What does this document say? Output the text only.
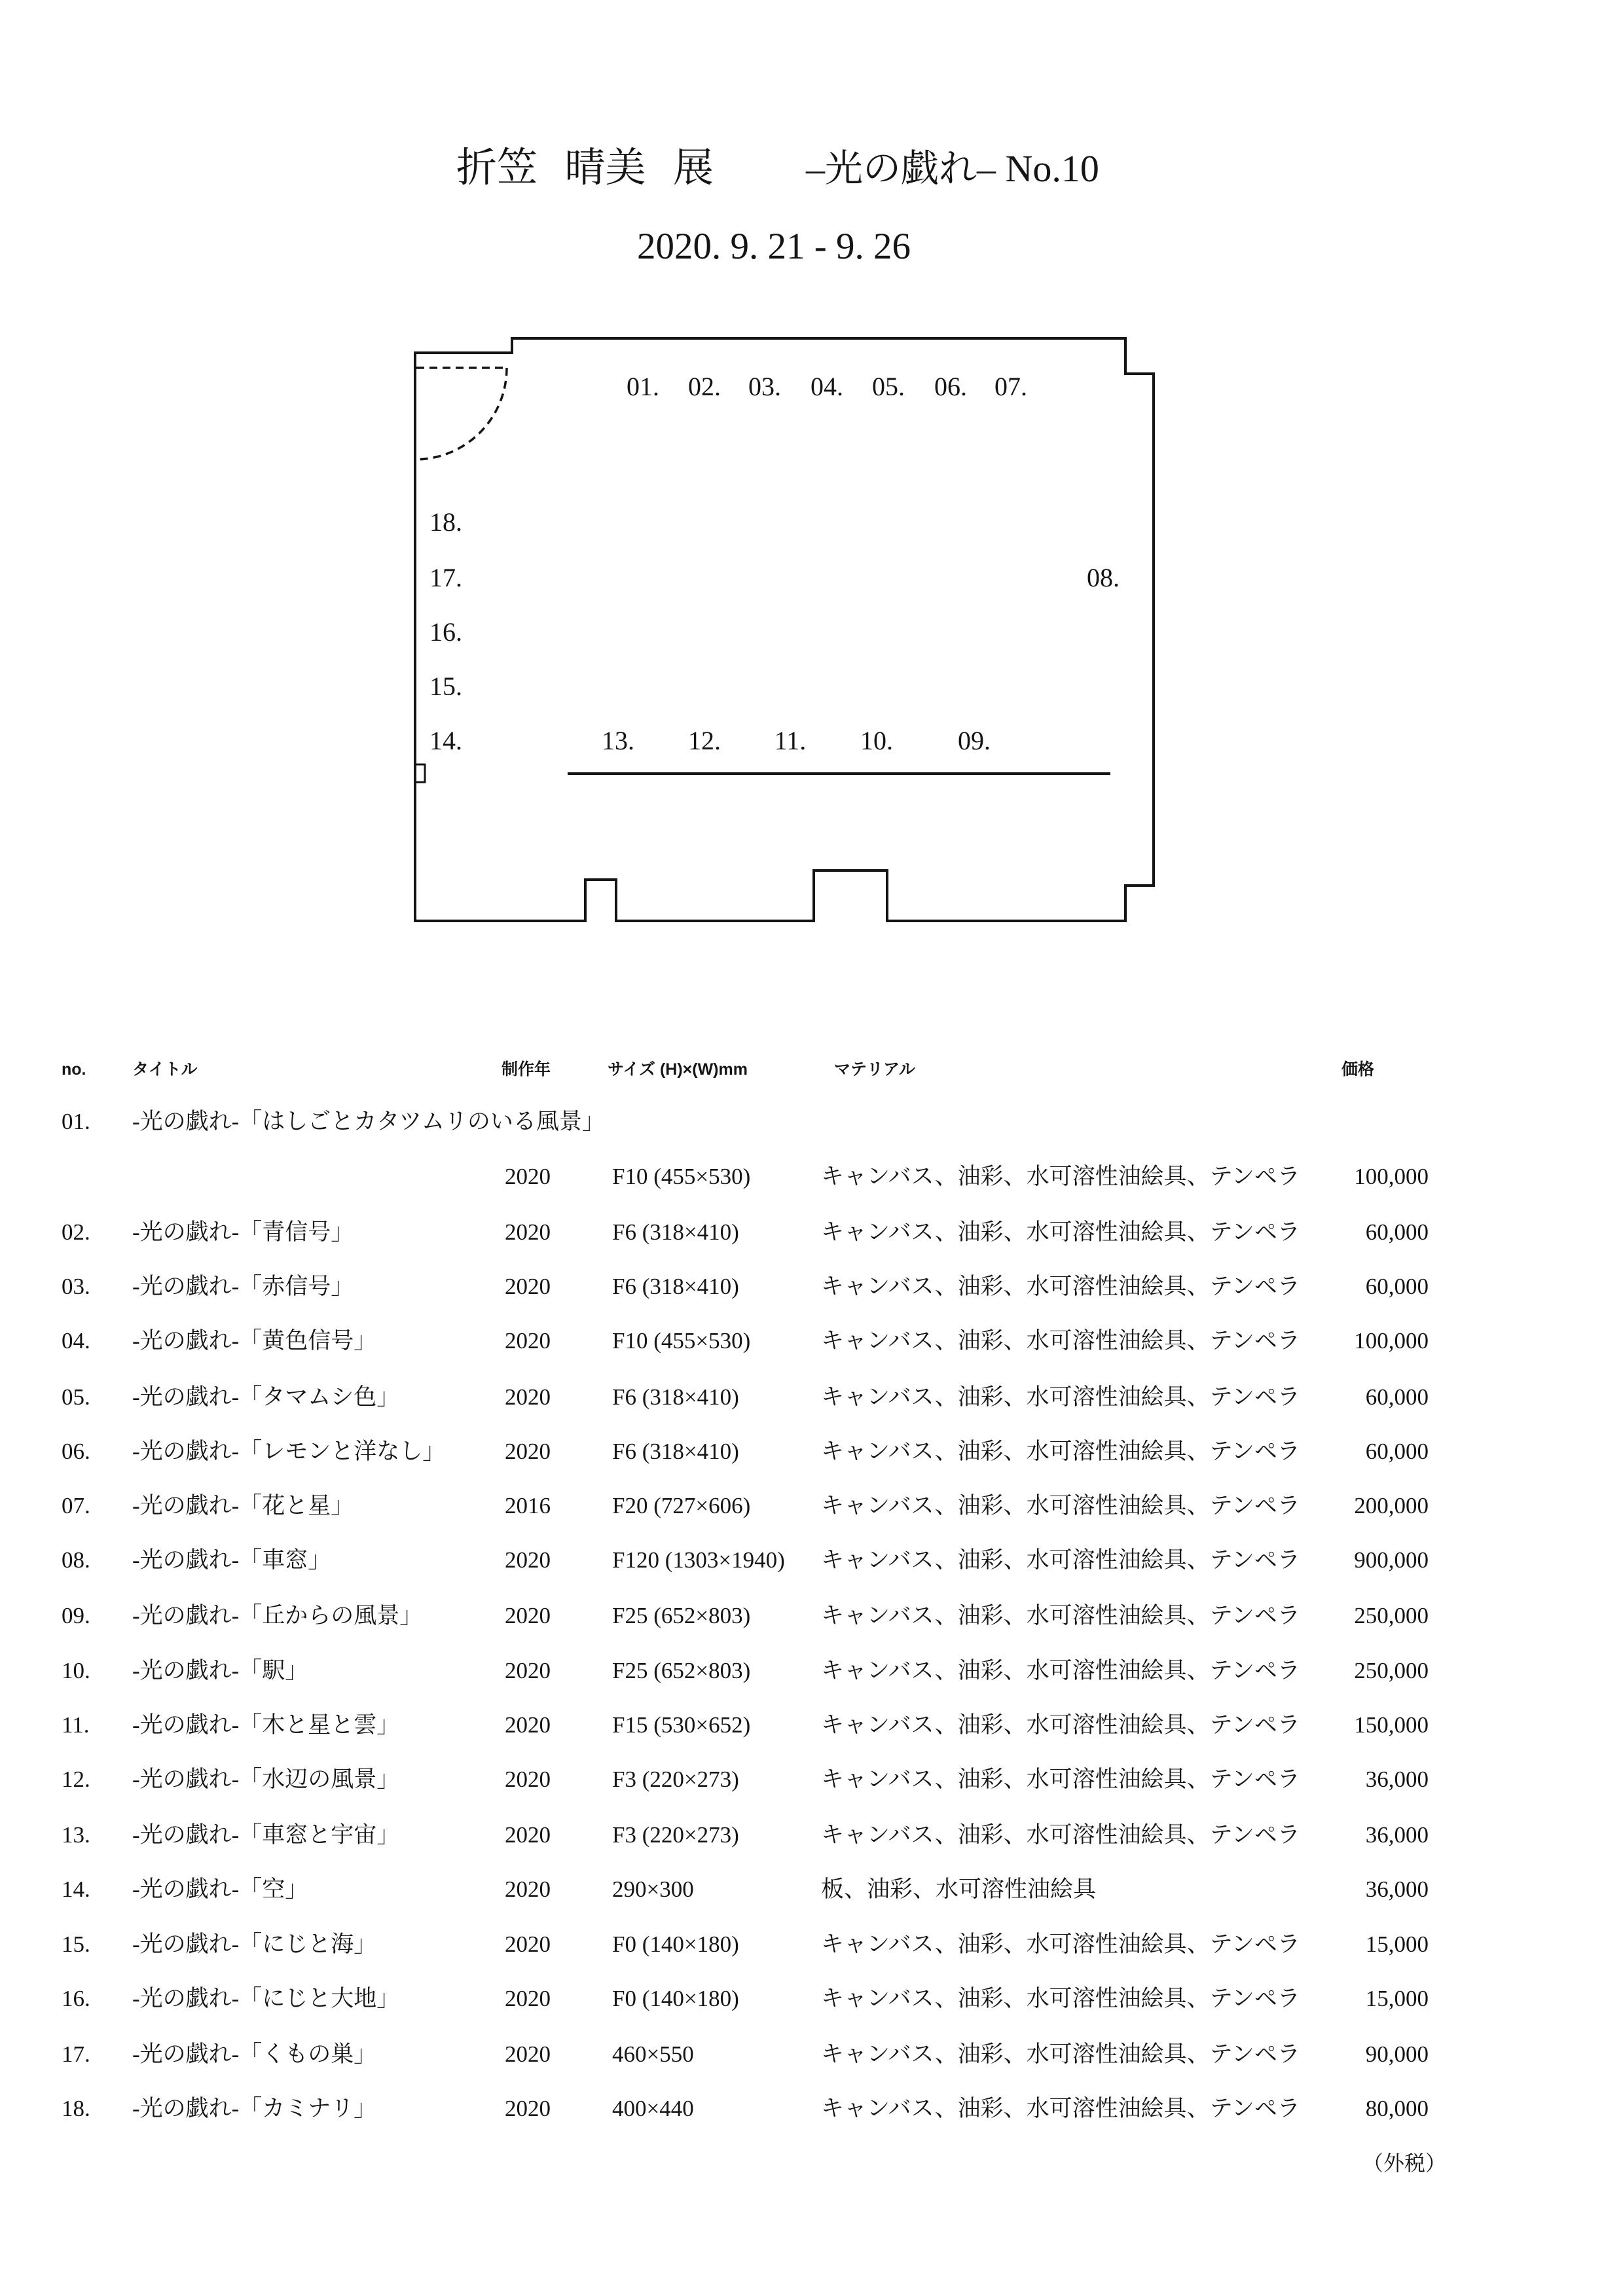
折笠 晴美 展 –光の戯れ– No.10
2020. 9. 21 - 9. 26
01. 02. 03. 04. 05. 06. 07.
08.
09.
10.
11.
12.
13.
14.
15.
16.
17.
18.
no.	タイトル	制作年	サイズ (H)×(W)mm	マテリアル	価格
01. -光の戯れ-「はしごとカタツムリのいる風景」
2020	F10 (455×530)	キャンバス、油彩、水可溶性油絵具、テンペラ 100,000
02. -光の戯れ-「青信号」	2020	F6 (318×410)	キャンバス、油彩、水可溶性油絵具、テンペラ	60,000
03. -光の戯れ-「赤信号」	2020	F6 (318×410)	キャンバス、油彩、水可溶性油絵具、テンペラ	60,000
04. -光の戯れ-「黄色信号」	2020	F10 (455×530)	キャンバス、油彩、水可溶性油絵具、テンペラ 100,000
05. -光の戯れ-「タマムシ色」	2020	F6 (318×410)	キャンバス、油彩、水可溶性油絵具、テンペラ	60,000
06. -光の戯れ-「レモンと洋なし」	2020	F6 (318×410)	キャンバス、油彩、水可溶性油絵具、テンペラ	60,000
07. -光の戯れ-「花と星」	2016	F20 (727×606)	キャンバス、油彩、水可溶性油絵具、テンペラ 200,000
08. -光の戯れ-「車窓」	2020	F120 (1303×1940) キャンバス、油彩、水可溶性油絵具、テンペラ 900,000
09. -光の戯れ-「丘からの風景」	2020	F25 (652×803)	キャンバス、油彩、水可溶性油絵具、テンペラ 250,000
10. -光の戯れ-「駅」	2020	F25 (652×803)	キャンバス、油彩、水可溶性油絵具、テンペラ 250,000
11. -光の戯れ-「木と星と雲」	2020	F15 (530×652)	キャンバス、油彩、水可溶性油絵具、テンペラ 150,000
12. -光の戯れ-「水辺の風景」	2020	F3 (220×273)	キャンバス、油彩、水可溶性油絵具、テンペラ	36,000
13. -光の戯れ-「車窓と宇宙」	2020	F3 (220×273)	キャンバス、油彩、水可溶性油絵具、テンペラ	36,000
14. -光の戯れ-「空」	2020	290×300	板、油彩、水可溶性油絵具	36,000
15. -光の戯れ-「にじと海」	2020	F0 (140×180)	キャンバス、油彩、水可溶性油絵具、テンペラ	15,000
16. -光の戯れ-「にじと大地」	2020	F0 (140×180)	キャンバス、油彩、水可溶性油絵具、テンペラ	15,000
17. -光の戯れ-「くもの巣」	2020	460×550	キャンバス、油彩、水可溶性油絵具、テンペラ	90,000
18. -光の戯れ-「カミナリ」	2020	400×440	キャンバス、油彩、水可溶性油絵具、テンペラ	80,000
（外税）
